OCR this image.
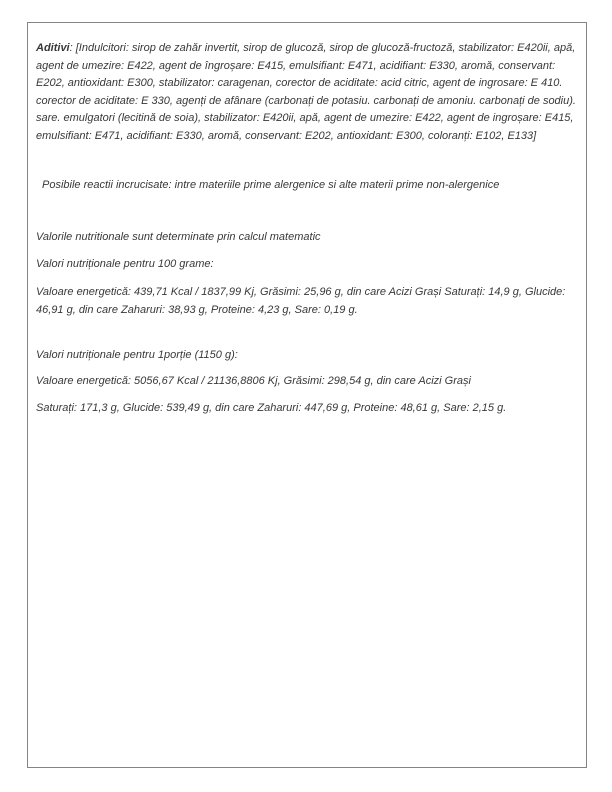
Aditivi: [Indulcitori: sirop de zahăr invertit, sirop de glucoză, sirop de glucoză-fructoză, stabilizator: E420ii, apă, agent de umezire: E422, agent de îngroșare: E415, emulsifiant: E471, acidifiant: E330, aromă, conservant: E202, antioxidant: E300, stabilizator: caragenan, corector de aciditate: acid citric, agent de ingrosare: E 410. corector de aciditate: E 330, agenți de afânare (carbonați de potasiu. carbonați de amoniu. carbonați de sodiu). sare. emulgatori (lecitină de soia), stabilizator: E420ii, apă, agent de umezire: E422, agent de ingroșare: E415, emulsifiant: E471, acidifiant: E330, aromă, conservant: E202, antioxidant: E300, coloranți: E102, E133]

Posibile reactii incrucisate: intre materiile prime alergenice si alte materii prime non-alergenice

Valorile nutritionale sunt determinate prin calcul matematic

Valori nutriționale pentru 100 grame:

Valoare energetică: 439,71 Kcal / 1837,99 Kj, Grăsimi: 25,96 g, din care Acizi Grași Saturați: 14,9 g, Glucide: 46,91 g, din care Zaharuri: 38,93 g, Proteine: 4,23 g, Sare: 0,19 g.

Valori nutriționale pentru 1porție (1150 g):

Valoare energetică: 5056,67 Kcal / 21136,8806 Kj, Grăsimi: 298,54 g, din care Acizi Grași

Saturați: 171,3 g, Glucide: 539,49 g, din care Zaharuri: 447,69 g, Proteine: 48,61 g, Sare: 2,15 g.
